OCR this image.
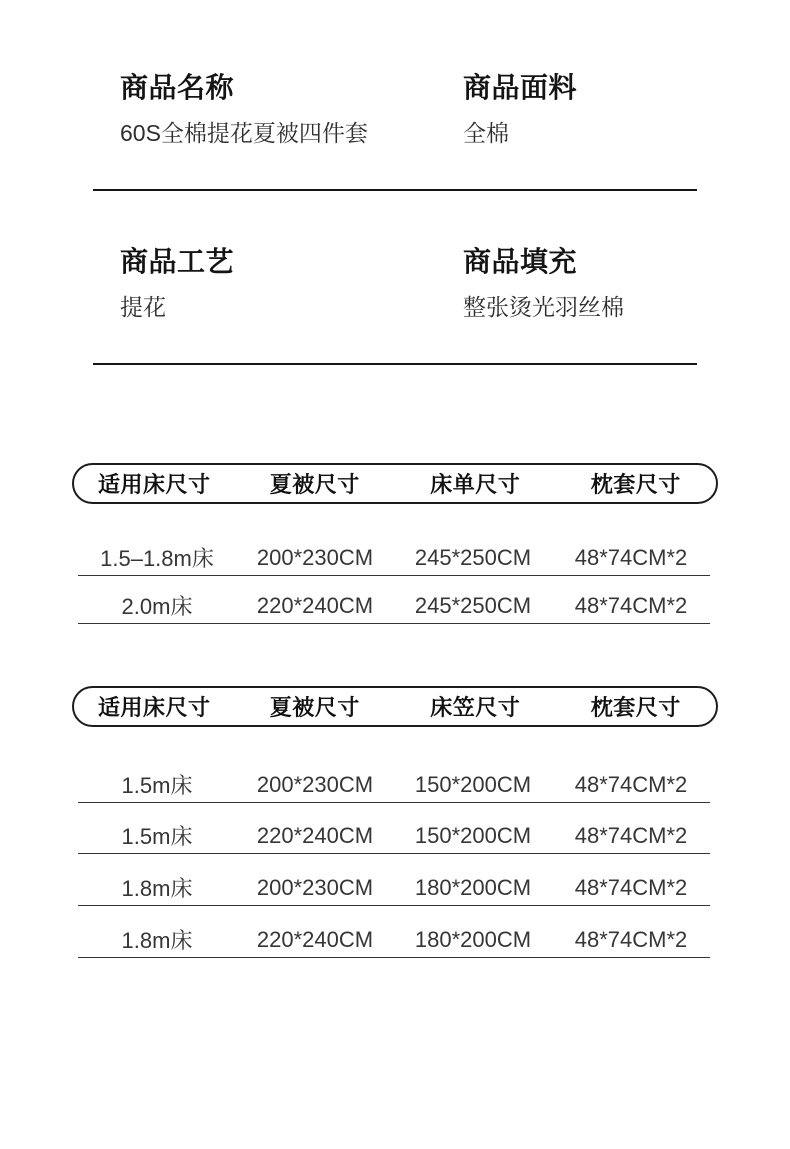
商品名称

60S全棉提花夏被四件套

商品面料

全棉

商品工艺

提花

商品填充

整张烫光羽丝棉

适用床尺寸	夏被尺寸	床单尺寸	枕套尺寸
1.5–1.8m床	200*230CM	245*250CM	48*74CM*2
2.0m床	220*240CM	245*250CM	48*74CM*2
适用床尺寸	夏被尺寸	床笠尺寸	枕套尺寸
1.5m床	200*230CM	150*200CM	48*74CM*2
1.5m床	220*240CM	150*200CM	48*74CM*2
1.8m床	200*230CM	180*200CM	48*74CM*2
1.8m床	220*240CM	180*200CM	48*74CM*2
